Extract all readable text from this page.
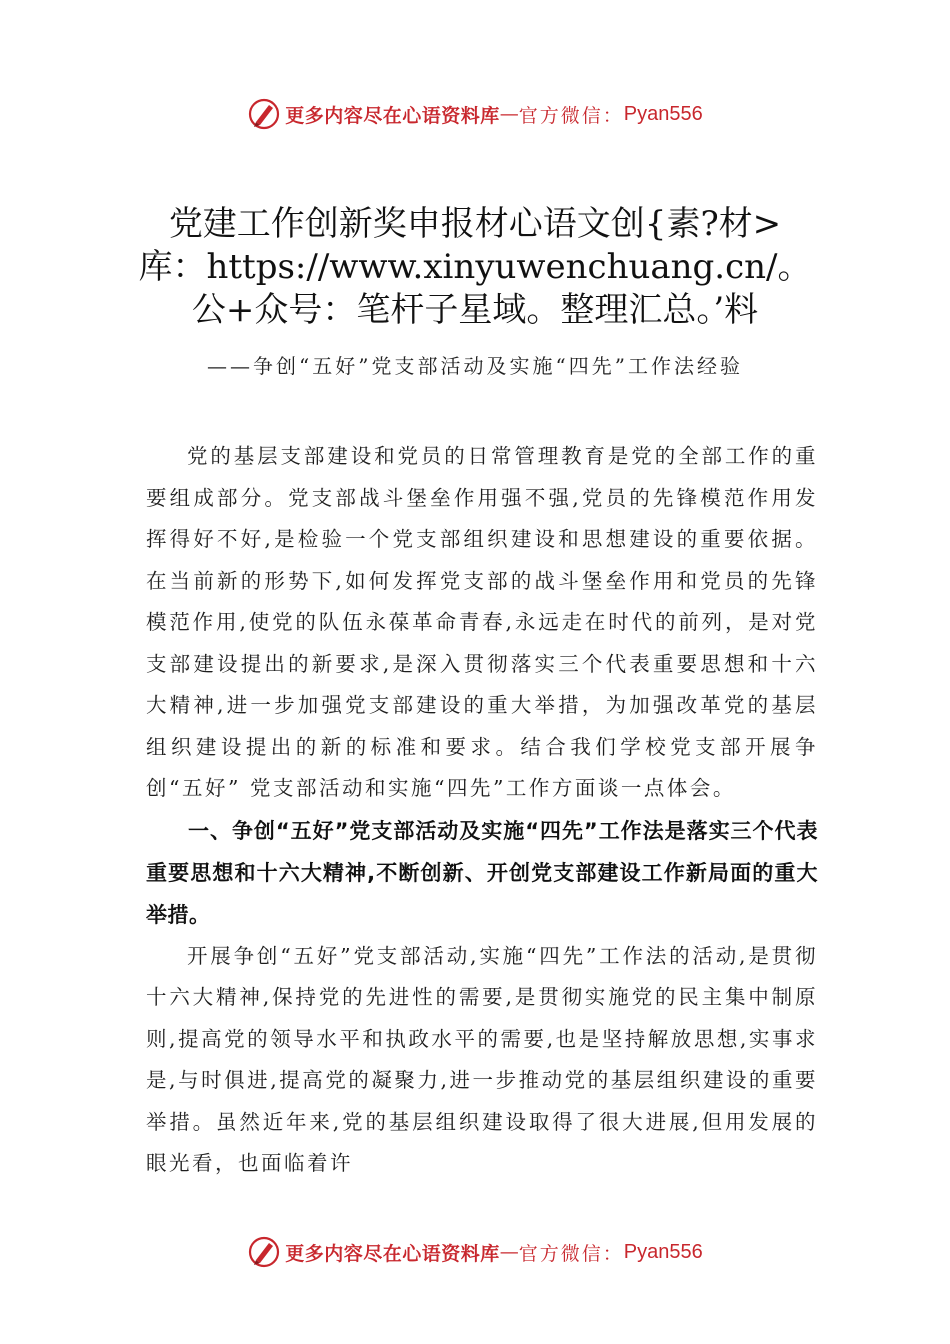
更多内容尽在心语资料库 — 官方微信： Pyan556
党建工作创新奖申报材心语文创{素?材>
库：https://www.xinyuwenchuang.cn/。
公+众号：笔杆子星域。整理汇总。’料
——争创“五好”党支部活动及实施“四先”工作法经验

党的基层支部建设和党员的日常管理教育是党的全部工作的重要组成部分。党支部战斗堡垒作用强不强,党员的先锋模范作用发挥得好不好,是检验一个党支部组织建设和思想建设的重要依据。在当前新的形势下,如何发挥党支部的战斗堡垒作用和党员的先锋模范作用,使党的队伍永葆革命青春,永远走在时代的前列，是对党支部建设提出的新要求,是深入贯彻落实三个代表重要思想和十六大精神,进一步加强党支部建设的重大举措，为加强改革党的基层组织建设提出的新的标准和要求。结合我们学校党支部开展争创“五好” 党支部活动和实施“四先”工作方面谈一点体会。

一、争创“五好”党支部活动及实施“四先”工作法是落实三个代表重要思想和十六大精神,不断创新、开创党支部建设工作新局面的重大举措。

开展争创“五好”党支部活动,实施“四先”工作法的活动,是贯彻十六大精神,保持党的先进性的需要,是贯彻实施党的民主集中制原则,提高党的领导水平和执政水平的需要,也是坚持解放思想,实事求是,与时俱进,提高党的凝聚力,进一步推动党的基层组织建设的重要举措。虽然近年来,党的基层组织建设取得了很大进展,但用发展的眼光看，也面临着许

更多内容尽在心语资料库 — 官方微信： Pyan556
